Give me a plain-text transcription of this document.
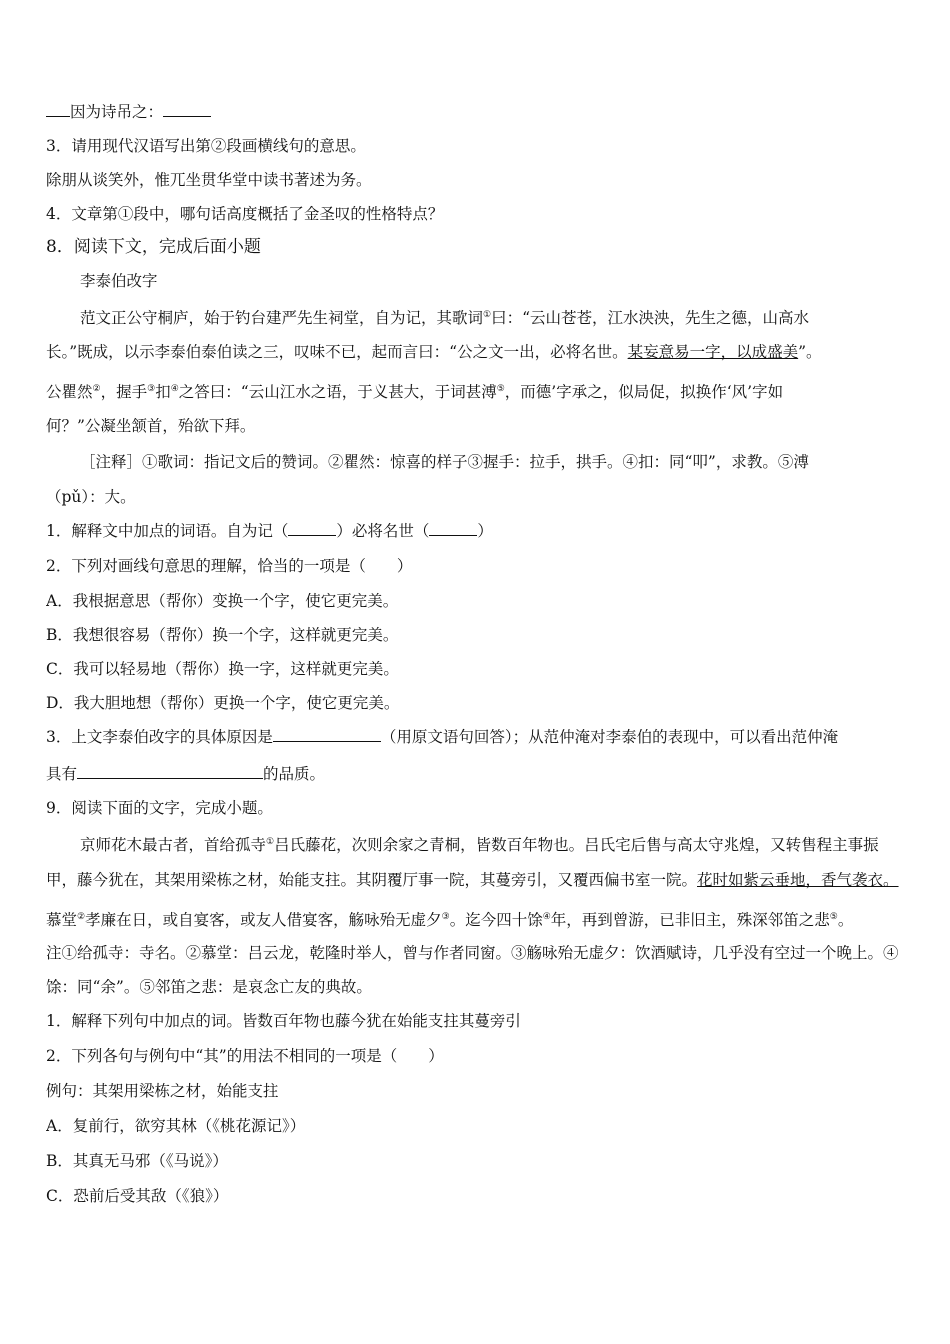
因为诗吊之：
3．请用现代汉语写出第②段画横线句的意思。
除朋从谈笑外，惟兀坐贯华堂中读书著述为务。
4．文章第①段中，哪句话高度概括了金圣叹的性格特点？
8．阅读下文，完成后面小题
李泰伯改字
范文正公守桐庐，始于钓台建严先生祠堂，自为记，其歌词①曰：“云山苍苍，江水泱泱，先生之德，山高水
长。”既成，以示李泰伯泰伯读之三，叹味不已，起而言曰：“公之文一出，必将名世。某妄意易一字，以成盛美”。
公瞿然②，握手③扣④之答曰：“云山江水之语，于义甚大，于词甚溥⑤，而德’字承之，似局促，拟换作‘风’字如
何？”公凝坐颔首，殆欲下拜。
［注释］①歌词：指记文后的赞词。②瞿然：惊喜的样子③握手：拉手，拱手。④扣：同“叩”，求教。⑤溥
（pǔ）：大。
1．解释文中加点的词语。自为记（	）必将名世（	）
2．下列对画线句意思的理解，恰当的一项是（　　）
A．我根据意思（帮你）变换一个字，使它更完美。
B．我想很容易（帮你）换一个字，这样就更完美。
C．我可以轻易地（帮你）换一字，这样就更完美。
D．我大胆地想（帮你）更换一个字，使它更完美。
3．上文李泰伯改字的具体原因是	（用原文语句回答）；从范仲淹对李泰伯的表现中，可以看出范仲淹
具有	的品质。
9．阅读下面的文字，完成小题。
京师花木最古者，首给孤寺①吕氏藤花，次则余家之青桐，皆数百年物也。吕氏宅后售与高太守兆煌，又转售程主事振
甲，藤今犹在，其架用梁栋之材，始能支拄。其阴覆厅事一院，其蔓旁引，又覆西偏书室一院。花时如紫云垂地，香气袭衣。
慕堂②孝廉在日，或自宴客，或友人借宴客，觞咏殆无虚夕③。迄今四十馀④年，再到曾游，已非旧主，殊深邻笛之悲⑤。
注①给孤寺：寺名。②慕堂：吕云龙，乾隆时举人，曾与作者同窗。③觞咏殆无虚夕：饮酒赋诗，几乎没有空过一个晚上。④
馀：同“余”。⑤邻笛之悲：是哀念亡友的典故。
1．解释下列句中加点的词。皆数百年物也藤今犹在始能支拄其蔓旁引
2．下列各句与例句中“其”的用法不相同的一项是（　　）
例句：其架用梁栋之材，始能支拄
A．复前行，欲穷其林（《桃花源记》）
B．其真无马邪（《马说》）
C．恐前后受其敌（《狼》）
